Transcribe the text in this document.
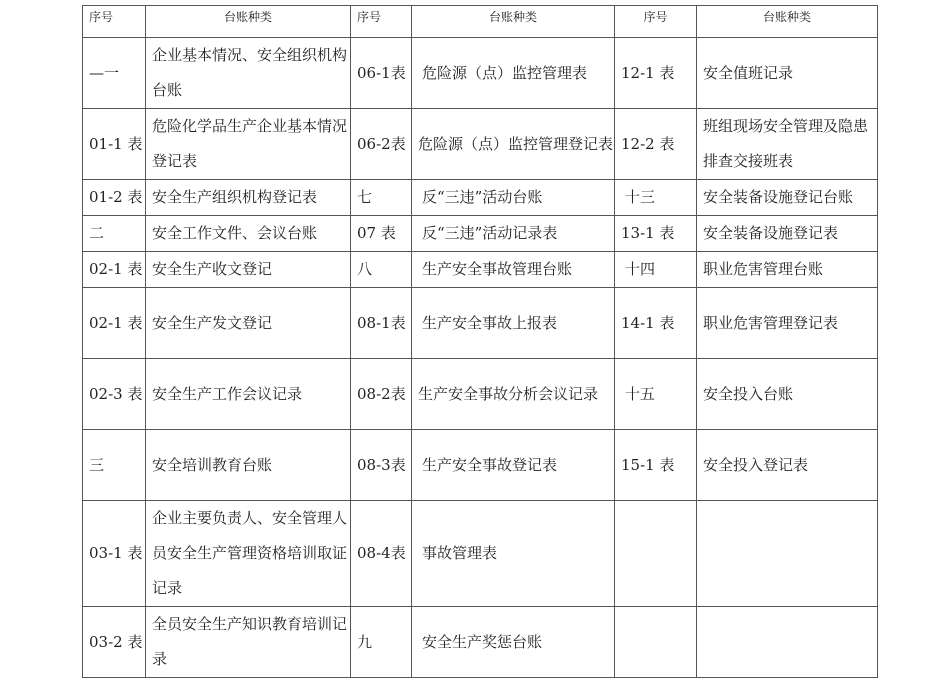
序号	台账种类	序号	台账种类	序号	台账种类
—一	企业基本情况、安全组织机构台账	06-1表	危险源（点）监控管理表	12-1 表	安全值班记录
01-1 表	危险化学品生产企业基本情况登记表	06-2表	危险源（点）监控管理登记表	12-2 表	班组现场安全管理及隐患排查交接班表
01-2 表	安全生产组织机构登记表	七	反“三违”活动台账	十三	安全装备设施登记台账
二	安全工作文件、会议台账	07 表	反“三违”活动记录表	13-1 表	安全装备设施登记表
02-1 表	安全生产收文登记	八	生产安全事故管理台账	十四	职业危害管理台账
02-1 表	安全生产发文登记	08-1表	生产安全事故上报表	14-1 表	职业危害管理登记表
02-3 表	安全生产工作会议记录	08-2表	生产安全事故分析会议记录	十五	安全投入台账
三	安全培训教育台账	08-3表	生产安全事故登记表	15-1 表	安全投入登记表
03-1 表	企业主要负责人、安全管理人员安全生产管理资格培训取证记录	08-4表	事故管理表		
03-2 表	全员安全生产知识教育培训记录	九	安全生产奖惩台账		
